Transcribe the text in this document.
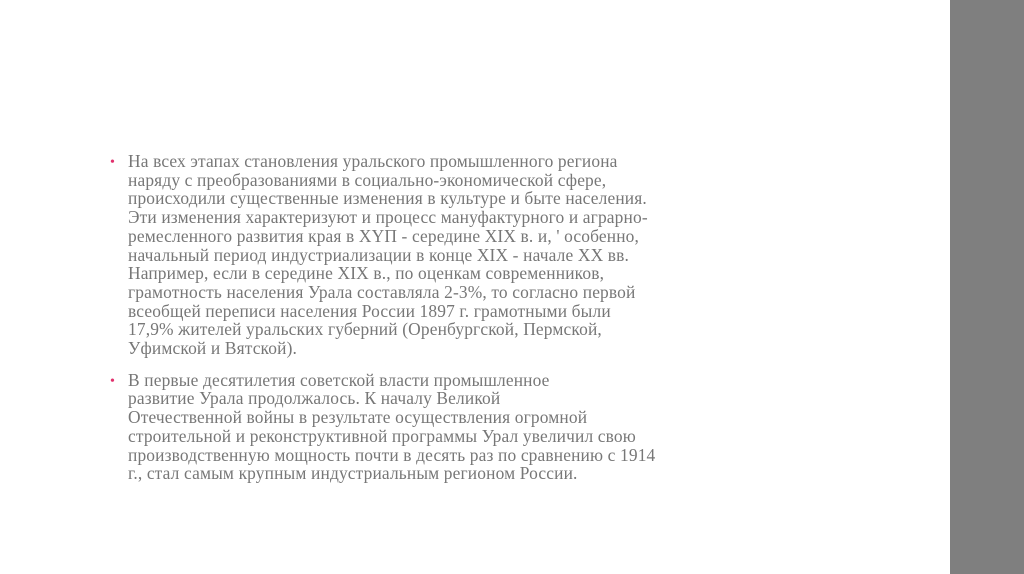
• На всех этапах становления уральского промышленного региона
наряду с преобразованиями в социально-экономической сфере,
происходили существенные изменения в культуре и быте населения.
Эти изменения характеризуют и процесс мануфактурного и аграрно-
ремесленного развития края в XYП - середине XIX в. и, ' особенно,
начальный период индустриализации в конце XIX - начале XX вв.
Например, если в середине XIX в., по оценкам современников,
грамотность населения Урала составляла 2-3%, то согласно первой
всеобщей переписи населения России 1897 г. грамотными были
17,9% жителей уральских губерний (Оренбургской, Пермской,
Уфимской и Вятской).
• В первые десятилетия советской власти промышленное
развитие Урала продолжалось. К началу Великой
Отечественной войны в результате осуществления огромной
строительной и реконструктивной программы Урал увеличил свою
производственную мощность почти в десять раз по сравнению с 1914
г., стал самым крупным индустриальным регионом России.
